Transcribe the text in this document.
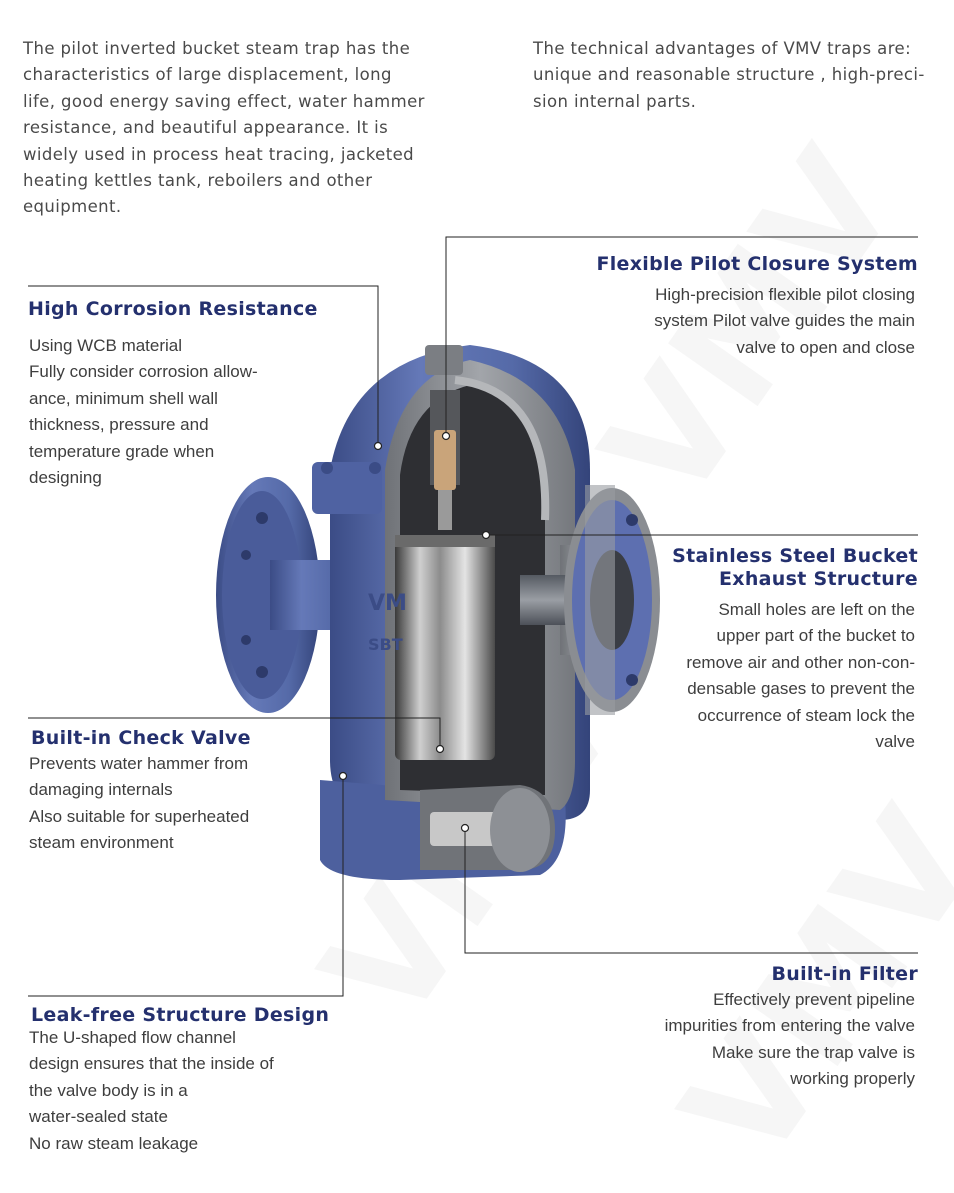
The pilot inverted bucket steam trap has the
characteristics of large displacement, long
life, good energy saving effect, water hammer
resistance, and beautiful appearance. It is
widely used in process heat tracing, jacketed
heating kettles tank, reboilers and other
equipment.
The technical advantages of VMV traps are:
unique and reasonable structure , high-preci-
sion internal parts.
VM
SBT
Flexible Pilot Closure System
High-precision flexible pilot closing
system Pilot valve guides the main
valve to open and close
High Corrosion Resistance
Using WCB material
Fully consider corrosion allow-
ance, minimum shell wall
thickness, pressure and
temperature grade when
designing
Stainless Steel Bucket
Exhaust Structure
Small holes are left on the
upper part of the bucket to
remove air and other non-con-
densable gases to prevent the
occurrence of steam lock the
valve
Built-in Check Valve
Prevents water hammer from
damaging internals
Also suitable for superheated
steam environment
Built-in Filter
Effectively prevent pipeline
impurities from entering the valve
Make sure the trap valve is
working properly
Leak-free Structure Design
The U-shaped flow channel
design ensures that the inside of
the valve body is in a
water-sealed state
No raw steam leakage
